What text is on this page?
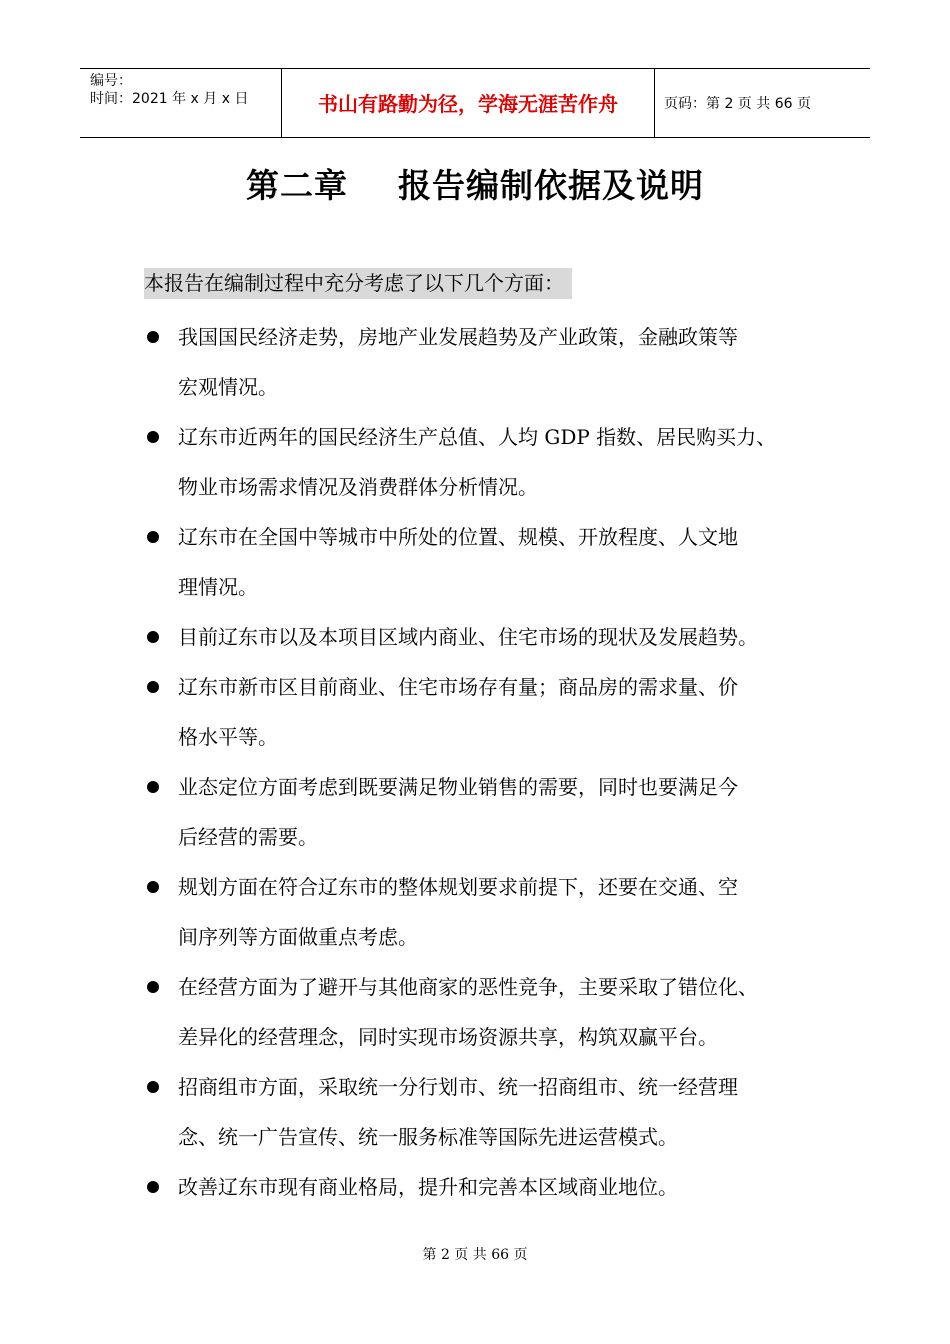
编号：
时间：2021 年 x 月 x 日	书山有路勤为径，学海无涯苦作舟	页码：第 2 页 共 66 页
第二章    报告编制依据及说明
本报告在编制过程中充分考虑了以下几个方面：
我国国民经济走势，房地产业发展趋势及产业政策，金融政策等
宏观情况。
辽东市近两年的国民经济生产总值、人均 GDP 指数、居民购买力、
物业市场需求情况及消费群体分析情况。
辽东市在全国中等城市中所处的位置、规模、开放程度、人文地
理情况。
目前辽东市以及本项目区域内商业、住宅市场的现状及发展趋势。
辽东市新市区目前商业、住宅市场存有量；商品房的需求量、价
格水平等。
业态定位方面考虑到既要满足物业销售的需要，同时也要满足今
后经营的需要。
规划方面在符合辽东市的整体规划要求前提下，还要在交通、空
间序列等方面做重点考虑。
在经营方面为了避开与其他商家的恶性竞争，主要采取了错位化、
差异化的经营理念，同时实现市场资源共享，构筑双赢平台。
招商组市方面，采取统一分行划市、统一招商组市、统一经营理
念、统一广告宣传、统一服务标准等国际先进运营模式。
改善辽东市现有商业格局，提升和完善本区域商业地位。
第 2 页 共 66 页
